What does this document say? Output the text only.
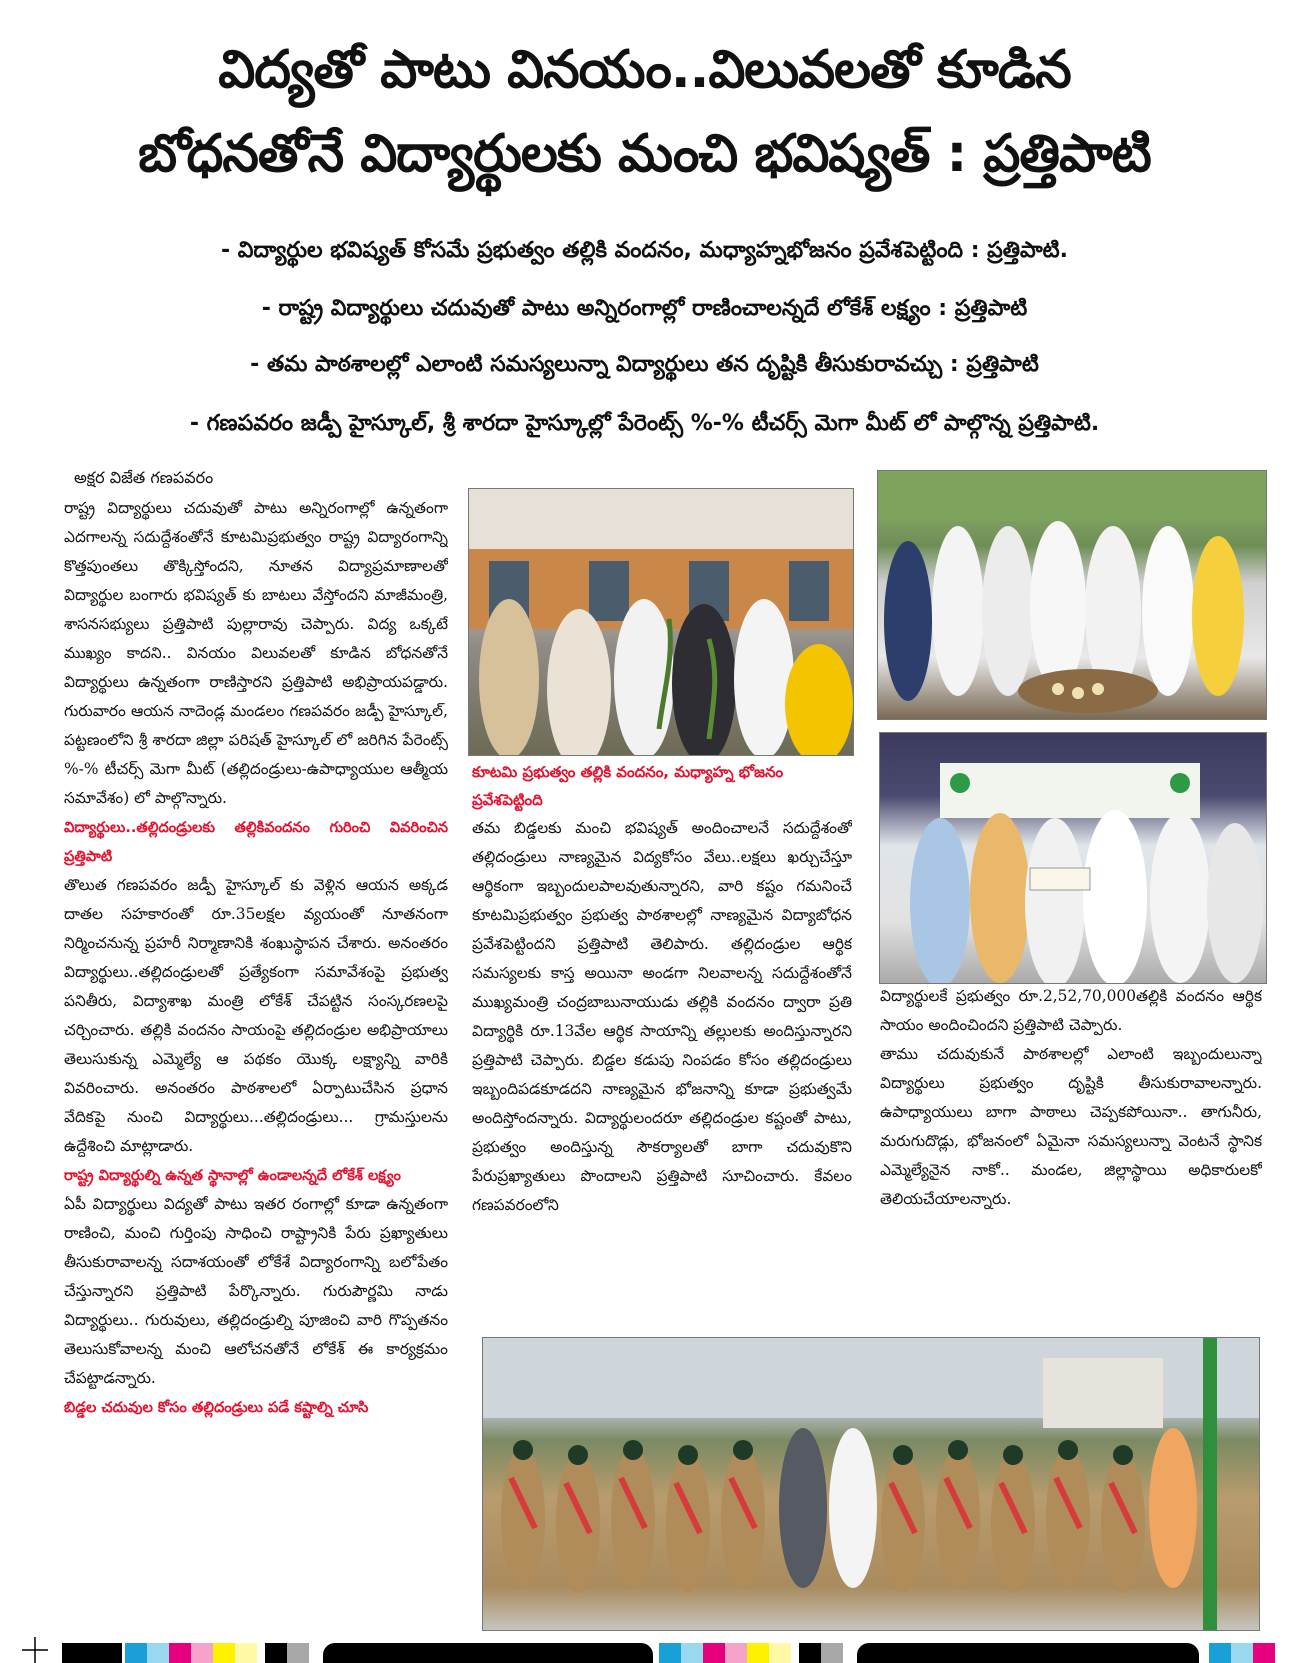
విద్యతో పాటు వినయం..విలువలతో కూడిన
బోధనతోనే విద్యార్థులకు మంచి భవిష్యత్ : ప్రత్తిపాటి
- విద్యార్థుల భవిష్యత్ కోసమే ప్రభుత్వం తల్లికి వందనం, మధ్యాహ్నభోజనం ప్రవేశపెట్టింది : ప్రత్తిపాటి.
- రాష్ట్ర విద్యార్థులు చదువుతో పాటు అన్నిరంగాల్లో రాణించాలన్నదే లోకేశ్ లక్ష్యం : ప్రత్తిపాటి
- తమ పాఠశాలల్లో ఎలాంటి సమస్యలున్నా విద్యార్థులు తన దృష్టికి తీసుకురావచ్చు : ప్రత్తిపాటి
- గణపవరం జడ్పీ హైస్కూల్, శ్రీ శారదా హైస్కూల్లో పేరెంట్స్ %-% టీచర్స్ మెగా మీట్ లో పాల్గొన్న ప్రత్తిపాటి.
అక్షర విజేత గణపవరం

రాష్ట్ర విద్యార్థులు చదువుతో పాటు అన్నిరంగాల్లో ఉన్నతంగా ఎదగాలన్న సదుద్దేశంతోనే కూటమిప్రభుత్వం రాష్ట్ర విద్యారంగాన్ని కొత్తపుంతలు తొక్కిస్తోందని, నూతన విద్యాప్రమాణాలతో విద్యార్థుల బంగారు భవిష్యత్ కు బాటలు వేస్తోందని మాజీమంత్రి, శాసనసభ్యులు ప్రత్తిపాటి పుల్లారావు చెప్పారు. విద్య ఒక్కటే ముఖ్యం కాదని.. వినయం విలువలతో కూడిన బోధనతోనే విద్యార్థులు ఉన్నతంగా రాణిస్తారని ప్రత్తిపాటి అభిప్రాయపడ్డారు. గురువారం ఆయన నాదెండ్ల మండలం గణపవరం జడ్పీ హైస్కూల్, పట్టణంలోని శ్రీ శారదా జిల్లా పరిషత్ హైస్కూల్ లో జరిగిన పేరెంట్స్ %-% టీచర్స్ మెగా మీట్ (తల్లిదండ్రులు-ఉపాధ్యాయుల ఆత్మీయ సమావేశం) లో పాల్గొన్నారు.

విద్యార్థులు..తల్లిదండ్రులకు తల్లికివందనం గురించి వివరించిన ప్రత్తిపాటి

తొలుత గణపవరం జడ్పీ హైస్కూల్ కు వెళ్లిన ఆయన అక్కడ దాతల సహకారంతో రూ.35లక్షల వ్యయంతో నూతనంగా నిర్మించనున్న ప్రహరీ నిర్మాణానికి శంఖుస్థాపన చేశారు. అనంతరం విద్యార్థులు..తల్లిదండ్రులతో ప్రత్యేకంగా సమావేశంపై ప్రభుత్వ పనితీరు, విద్యాశాఖ మంత్రి లోకేశ్ చేపట్టిన సంస్కరణలపై చర్చించారు. తల్లికి వందనం సాయంపై తల్లిదండ్రుల అభిప్రాయాలు తెలుసుకున్న ఎమ్మెల్యే ఆ పథకం యొక్క లక్ష్యాన్ని వారికి వివరించారు. అనంతరం పాఠశాలలో ఏర్పాటుచేసిన ప్రధాన వేదికపై నుంచి విద్యార్థులు...తల్లిదండ్రులు... గ్రామస్తులను ఉద్దేశించి మాట్లాడారు.

రాష్ట్ర విద్యార్థుల్ని ఉన్నత స్థానాల్లో ఉండాలన్నదే లోకేశ్ లక్ష్యం

ఏపీ విద్యార్థులు విద్యతో పాటు ఇతర రంగాల్లో కూడా ఉన్నతంగా రాణించి, మంచి గుర్తింపు సాధించి రాష్ట్రానికి పేరు ప్రఖ్యాతులు తీసుకురావాలన్న సదాశయంతో లోకేశే విద్యారంగాన్ని బలోపేతం చేస్తున్నారని ప్రత్తిపాటి పేర్కొన్నారు. గురుపౌర్ణమి నాడు విద్యార్థులు.. గురువులు, తల్లిదండ్రుల్ని పూజించి వారి గొప్పతనం తెలుసుకోవాలన్న మంచి ఆలోచనతోనే లోకేశ్ ఈ కార్యక్రమం చేపట్టాడన్నారు.

బిడ్డల చదువుల కోసం తల్లిదండ్రులు పడే కష్టాల్ని చూసి

కూటమి ప్రభుత్వం తల్లికి వందనం, మధ్యాహ్న భోజనం ప్రవేశపెట్టింది

తమ బిడ్డలకు మంచి భవిష్యత్ అందించాలనే సదుద్దేశంతో తల్లిదండ్రులు నాణ్యమైన విద్యకోసం వేలు..లక్షలు ఖర్చుచేస్తూ ఆర్థికంగా ఇబ్బందులపాలవుతున్నారని, వారి కష్టం గమనించే కూటమిప్రభుత్వం ప్రభుత్వ పాఠశాలల్లో నాణ్యమైన విద్యాబోధన ప్రవేశపెట్టిందని ప్రత్తిపాటి తెలిపారు. తల్లిదండ్రుల ఆర్థిక సమస్యలకు కాస్త అయినా అండగా నిలవాలన్న సదుద్దేశంతోనే ముఖ్యమంత్రి చంద్రబాబునాయుడు తల్లికి వందనం ద్వారా ప్రతి విద్యార్థికి రూ.13వేల ఆర్థిక సాయాన్ని తల్లులకు అందిస్తున్నారని ప్రత్తిపాటి చెప్పారు. బిడ్డల కడుపు నింపడం కోసం తల్లిదండ్రులు ఇబ్బందిపడకూడదని నాణ్యమైన భోజనాన్ని కూడా ప్రభుత్వమే అందిస్తోందన్నారు. విద్యార్థులందరూ తల్లిదండ్రుల కష్టంతో పాటు, ప్రభుత్వం అందిస్తున్న సౌకర్యాలతో బాగా చదువుకొని పేరుప్రఖ్యాతులు పొందాలని ప్రత్తిపాటి సూచించారు. కేవలం గణపవరంలోని

విద్యార్థులకే ప్రభుత్వం రూ.2,52,70,000తల్లికి వందనం ఆర్థిక సాయం అందించిందని ప్రత్తిపాటి చెప్పారు.

తాము చదువుకునే పాఠశాలల్లో ఎలాంటి ఇబ్బందులున్నా విద్యార్థులు ప్రభుత్వం దృష్టికి తీసుకురావాలన్నారు. ఉపాధ్యాయులు బాగా పాఠాలు చెప్పకపోయినా.. తాగునీరు, మరుగుదొడ్లు, భోజనంలో ఏమైనా సమస్యలున్నా వెంటనే స్థానిక ఎమ్మెల్యేనైన నాకో.. మండల, జిల్లాస్థాయి అధికారులకో తెలియచేయాలన్నారు.
